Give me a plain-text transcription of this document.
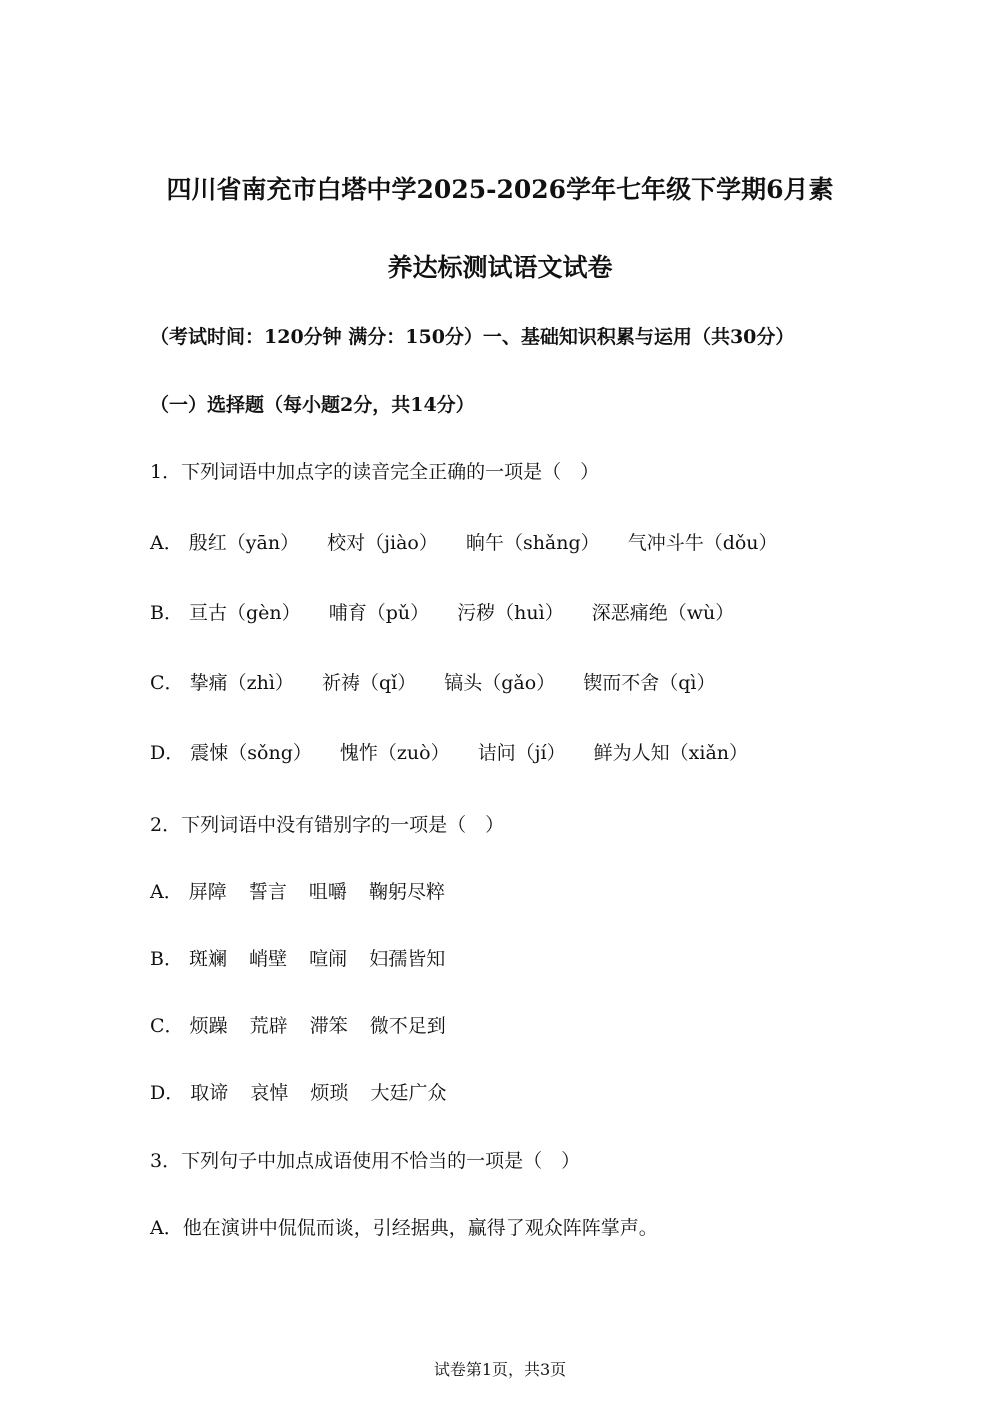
四川省南充市白塔中学2025-2026学年七年级下学期6月素
养达标测试语文试卷
（考试时间：120分钟 满分：150分）一、基础知识积累与运用（共30分）
（一）选择题（每小题2分，共14分）
1．下列词语中加点字的读音完全正确的一项是（　）
A． 殷红（yān） 校对（jiào） 晌午（shǎng） 气冲斗牛（dǒu）
B． 亘古（gèn） 哺育（pǔ） 污秽（huì） 深恶痛绝（wù）
C． 挚痛（zhì） 祈祷（qǐ） 镐头（gǎo） 锲而不舍（qì）
D． 震悚（sǒng） 愧怍（zuò） 诘问（jí） 鲜为人知（xiǎn）
2．下列词语中没有错别字的一项是（　）
A． 屏障 誓言 咀嚼 鞠躬尽粹
B． 斑斓 峭壁 喧闹 妇孺皆知
C． 烦躁 荒辟 滞笨 微不足到
D． 取谛 哀悼 烦琐 大廷广众
3．下列句子中加点成语使用不恰当的一项是（　）
A．他在演讲中侃侃而谈，引经据典，赢得了观众阵阵掌声。
试卷第1页，共3页
